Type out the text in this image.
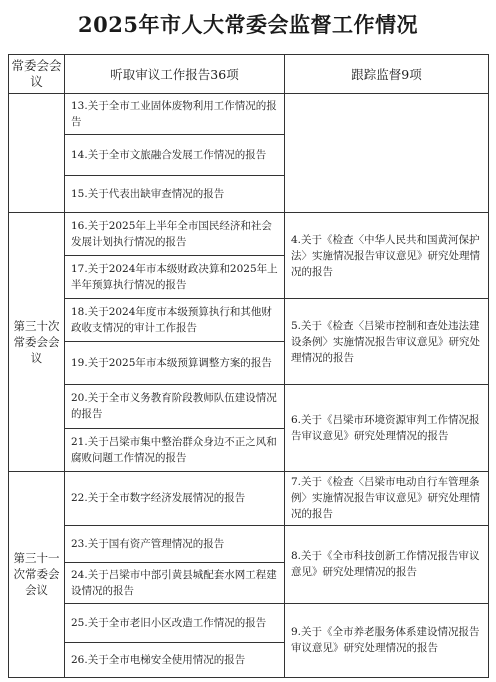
2025年市人大常委会监督工作情况
常委会会议	听取审议工作报告36项	跟踪监督9项
	13.关于全市工业固体废物利用工作情况的报告	
	14.关于全市文旅融合发展工作情况的报告	
	15.关于代表出缺审查情况的报告	
第三十次常委会会议	16.关于2025年上半年全市国民经济和社会发展计划执行情况的报告	4.关于《检查〈中华人民共和国黄河保护法〉实施情况报告审议意见》研究处理情况的报告
	17.关于2024年市本级财政决算和2025年上半年预算执行情况的报告	
	18.关于2024年度市本级预算执行和其他财政收支情况的审计工作报告	5.关于《检查〈吕梁市控制和查处违法建设条例〉实施情况报告审议意见》研究处理情况的报告
	19.关于2025年市本级预算调整方案的报告	
	20.关于全市义务教育阶段教师队伍建设情况的报告	6.关于《吕梁市环境资源审判工作情况报告审议意见》研究处理情况的报告
	21.关于吕梁市集中整治群众身边不正之风和腐败问题工作情况的报告	
第三十一次常委会会议	22.关于全市数字经济发展情况的报告	7.关于《检查〈吕梁市电动自行车管理条例〉实施情况报告审议意见》研究处理情况的报告
	23.关于国有资产管理情况的报告	8.关于《全市科技创新工作情况报告审议意见》研究处理情况的报告
	24.关于吕梁市中部引黄县城配套水网工程建设情况的报告	
	25.关于全市老旧小区改造工作情况的报告	9.关于《全市养老服务体系建设情况报告审议意见》研究处理情况的报告
	26.关于全市电梯安全使用情况的报告	
